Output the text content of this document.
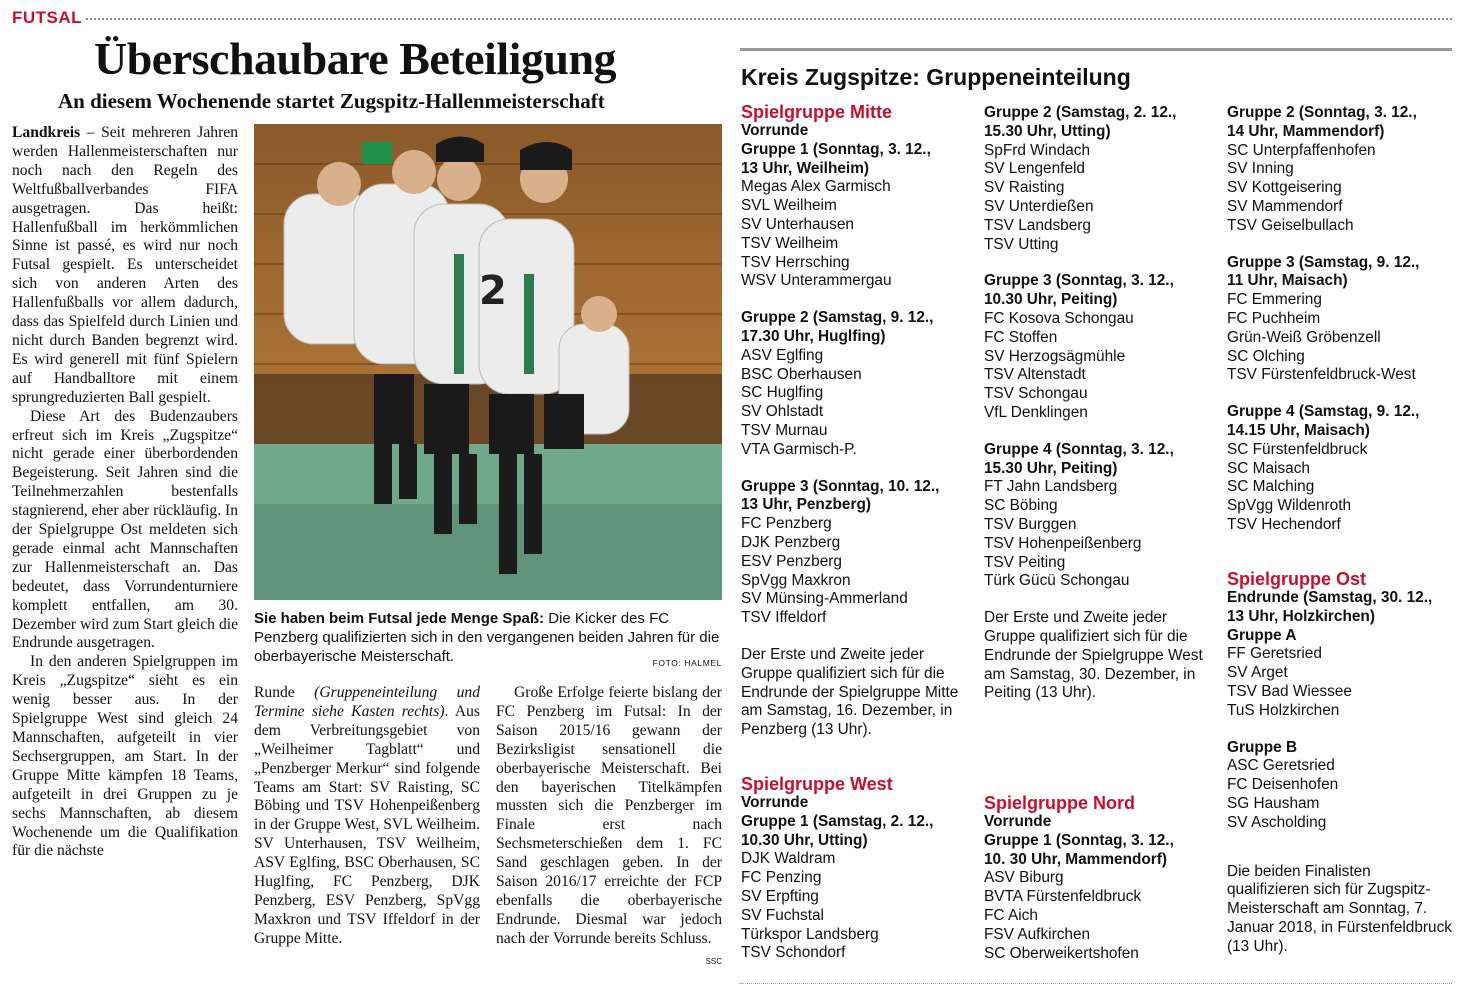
FUTSAL
Überschaubare Beteiligung
An diesem Wochenende startet Zugspitz-Hallenmeisterschaft

Landkreis – Seit mehreren Jahren werden Hallenmeisterschaften nur noch nach den Regeln des Weltfußballverbandes FIFA ausgetragen. Das heißt: Hallenfußball im herkömmlichen Sinne ist passé, es wird nur noch Futsal gespielt. Es unterscheidet sich von anderen Arten des Hallenfußballs vor allem dadurch, dass das Spielfeld durch Linien und nicht durch Banden begrenzt wird. Es wird generell mit fünf Spielern auf Handballtore mit einem sprungreduzierten Ball gespielt.

Diese Art des Budenzaubers erfreut sich im Kreis „Zugspitze“ nicht gerade einer überbordenden Begeisterung. Seit Jahren sind die Teilnehmerzahlen bestenfalls stagnierend, eher aber rückläufig. In der Spielgruppe Ost meldeten sich gerade einmal acht Mannschaften zur Hallenmeisterschaft an. Das bedeutet, dass Vorrundenturniere komplett entfallen, am 30. Dezember wird zum Start gleich die Endrunde ausgetragen.

In den anderen Spielgruppen im Kreis „Zugspitze“ sieht es ein wenig besser aus. In der Spielgruppe West sind gleich 24 Mannschaften, aufgeteilt in vier Sechsergruppen, am Start. In der Gruppe Mitte kämpfen 18 Teams, aufgeteilt in drei Gruppen zu je sechs Mannschaften, ab diesem Wochenende um die Qualifikation für die nächste

2
Sie haben beim Futsal jede Menge Spaß: Die Kicker des FC Penzberg qualifizierten sich in den vergangenen beiden Jahren für die oberbayerische Meisterschaft.	FOTO: HALMEL

Runde (Gruppeneinteilung und Termine siehe Kasten rechts). Aus dem Verbreitungsgebiet von „Weilheimer Tagblatt“ und „Penzberger Merkur“ sind folgende Teams am Start: SV Raisting, SC Böbing und TSV Hohenpeißenberg in der Gruppe West, SVL Weilheim. SV Unterhausen, TSV Weilheim, ASV Eglfing, BSC Oberhausen, SC Huglfing, FC Penzberg, DJK Penzberg, ESV Penzberg, SpVgg Maxkron und TSV Iffeldorf in der Gruppe Mitte.

Große Erfolge feierte bislang der FC Penzberg im Futsal: In der Saison 2015/16 gewann der Bezirksligist sensationell die oberbayerische Meisterschaft. Bei den bayerischen Titelkämpfen mussten sich die Penzberger im Finale erst nach Sechsmeterschießen dem 1. FC Sand geschlagen geben. In der Saison 2016/17 erreichte der FCP ebenfalls die oberbayerische Endrunde. Diesmal war jedoch nach der Vorrunde bereits Schluss.
SSC

Kreis Zugspitze: Gruppeneinteilung

Spielgruppe Mitte

Vorrunde

Gruppe 1 (Sonntag, 3. 12.,

13 Uhr, Weilheim)

Megas Alex Garmisch

SVL Weilheim

SV Unterhausen

TSV Weilheim

TSV Herrsching

WSV Unterammergau

Gruppe 2 (Samstag, 9. 12.,

17.30 Uhr, Huglfing)

ASV Eglfing

BSC Oberhausen

SC Huglfing

SV Ohlstadt

TSV Murnau

VTA Garmisch-P.

Gruppe 3 (Sonntag, 10. 12.,

13 Uhr, Penzberg)

FC Penzberg

DJK Penzberg

ESV Penzberg

SpVgg Maxkron

SV Münsing-Ammerland

TSV Iffeldorf

Der Erste und Zweite jeder Gruppe qualifiziert sich für die Endrunde der Spielgruppe Mitte am Samstag, 16. Dezember, in Penzberg (13 Uhr).

Spielgruppe West

Vorrunde

Gruppe 1 (Samstag, 2. 12.,

10.30 Uhr, Utting)

DJK Waldram

FC Penzing

SV Erpfting

SV Fuchstal

Türkspor Landsberg

TSV Schondorf

Gruppe 2 (Samstag, 2. 12.,

15.30 Uhr, Utting)

SpFrd Windach

SV Lengenfeld

SV Raisting

SV Unterdießen

TSV Landsberg

TSV Utting

Gruppe 3 (Sonntag, 3. 12.,

10.30 Uhr, Peiting)

FC Kosova Schongau

FC Stoffen

SV Herzogsägmühle

TSV Altenstadt

TSV Schongau

VfL Denklingen

Gruppe 4 (Sonntag, 3. 12.,

15.30 Uhr, Peiting)

FT Jahn Landsberg

SC Böbing

TSV Burggen

TSV Hohenpeißenberg

TSV Peiting

Türk Gücü Schongau

Der Erste und Zweite jeder Gruppe qualifiziert sich für die Endrunde der Spielgruppe West am Samstag, 30. Dezember, in Peiting (13 Uhr).

Spielgruppe Nord

Vorrunde

Gruppe 1 (Sonntag, 3. 12.,

10. 30 Uhr, Mammendorf)

ASV Biburg

BVTA Fürstenfeldbruck

FC Aich

FSV Aufkirchen

SC Oberweikertshofen

Gruppe 2 (Sonntag, 3. 12.,

14 Uhr, Mammendorf)

SC Unterpfaffenhofen

SV Inning

SV Kottgeisering

SV Mammendorf

TSV Geiselbullach

Gruppe 3 (Samstag, 9. 12.,

11 Uhr, Maisach)

FC Emmering

FC Puchheim

Grün-Weiß Gröbenzell

SC Olching

TSV Fürstenfeldbruck-West

Gruppe 4 (Samstag, 9. 12.,

14.15 Uhr, Maisach)

SC Fürstenfeldbruck

SC Maisach

SC Malching

SpVgg Wildenroth

TSV Hechendorf

Spielgruppe Ost

Endrunde (Samstag, 30. 12.,

13 Uhr, Holzkirchen)

Gruppe A

FF Geretsried

SV Arget

TSV Bad Wiessee

TuS Holzkirchen

Gruppe B

ASC Geretsried

FC Deisenhofen

SG Hausham

SV Ascholding

Die beiden Finalisten qualifizieren sich für Zugspitz-Meisterschaft am Sonntag, 7. Januar 2018, in Fürstenfeldbruck (13 Uhr).
